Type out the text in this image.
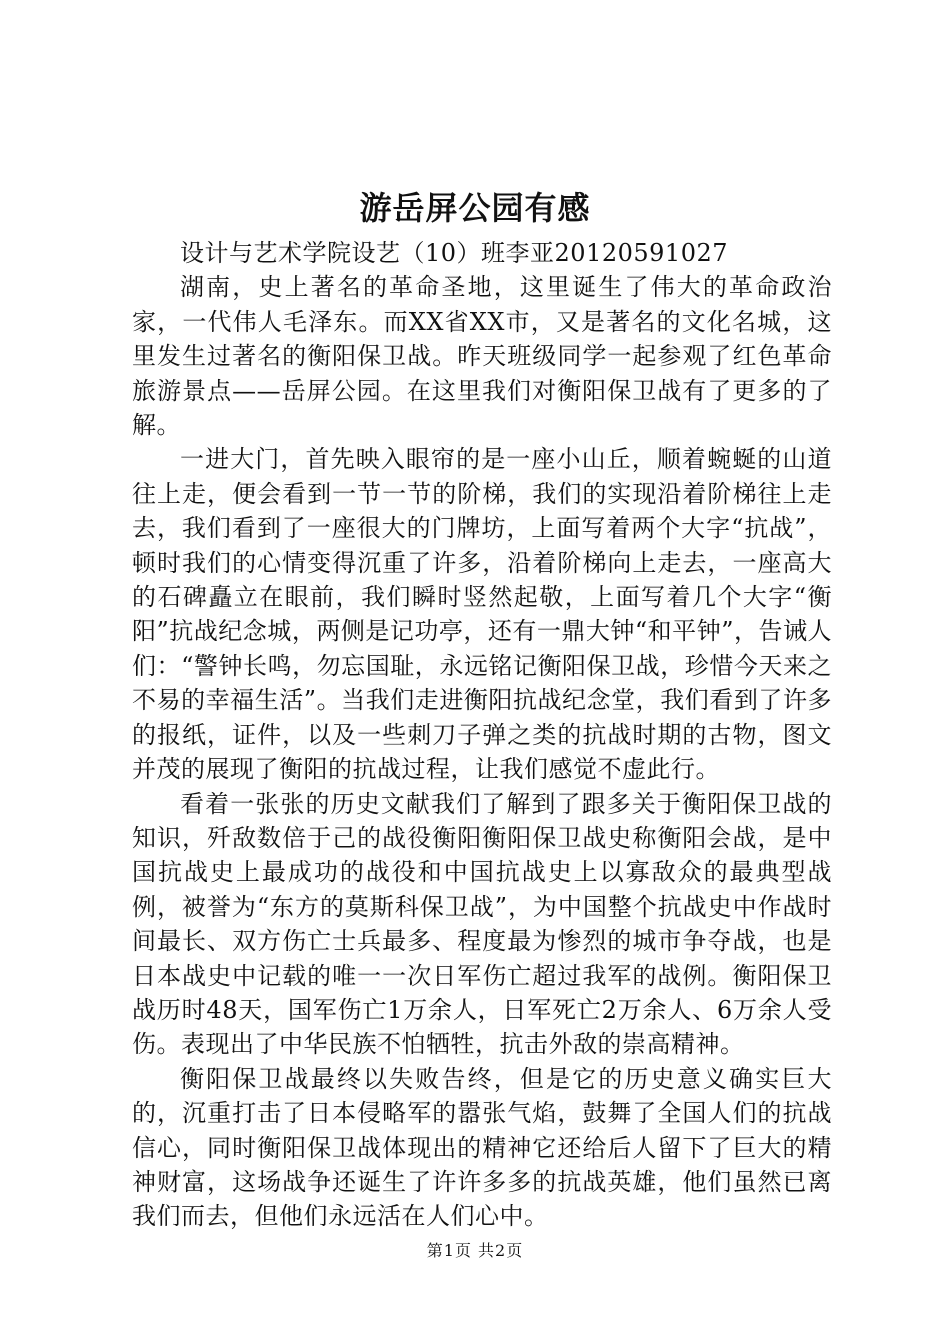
游岳屏公园有感

设计与艺术学院设艺（10）班李亚20120591027

湖南，史上著名的革命圣地，这里诞生了伟大的革命政治家，一代伟人毛泽东。而XX省XX市，又是著名的文化名城，这里发生过著名的衡阳保卫战。昨天班级同学一起参观了红色革命旅游景点——岳屏公园。在这里我们对衡阳保卫战有了更多的了解。

一进大门，首先映入眼帘的是一座小山丘，顺着蜿蜒的山道往上走，便会看到一节一节的阶梯，我们的实现沿着阶梯往上走去，我们看到了一座很大的门牌坊，上面写着两个大字“抗战”，顿时我们的心情变得沉重了许多，沿着阶梯向上走去，一座高大的石碑矗立在眼前，我们瞬时竖然起敬，上面写着几个大字“衡阳”抗战纪念城，两侧是记功亭，还有一鼎大钟“和平钟”，告诫人们：“警钟长鸣，勿忘国耻，永远铭记衡阳保卫战，珍惜今天来之不易的幸福生活”。当我们走进衡阳抗战纪念堂，我们看到了许多的报纸，证件，以及一些刺刀子弹之类的抗战时期的古物，图文并茂的展现了衡阳的抗战过程，让我们感觉不虚此行。

看着一张张的历史文献我们了解到了跟多关于衡阳保卫战的知识，歼敌数倍于己的战役衡阳衡阳保卫战史称衡阳会战，是中国抗战史上最成功的战役和中国抗战史上以寡敌众的最典型战例，被誉为“东方的莫斯科保卫战”，为中国整个抗战史中作战时间最长、双方伤亡士兵最多、程度最为惨烈的城市争夺战，也是日本战史中记载的唯一一次日军伤亡超过我军的战例。衡阳保卫战历时48天，国军伤亡1万余人，日军死亡2万余人、6万余人受伤。表现出了中华民族不怕牺牲，抗击外敌的崇高精神。

衡阳保卫战最终以失败告终，但是它的历史意义确实巨大的，沉重打击了日本侵略军的嚣张气焰，鼓舞了全国人们的抗战信心，同时衡阳保卫战体现出的精神它还给后人留下了巨大的精神财富，这场战争还诞生了许许多多的抗战英雄，他们虽然已离我们而去，但他们永远活在人们心中。

第1页 共2页
